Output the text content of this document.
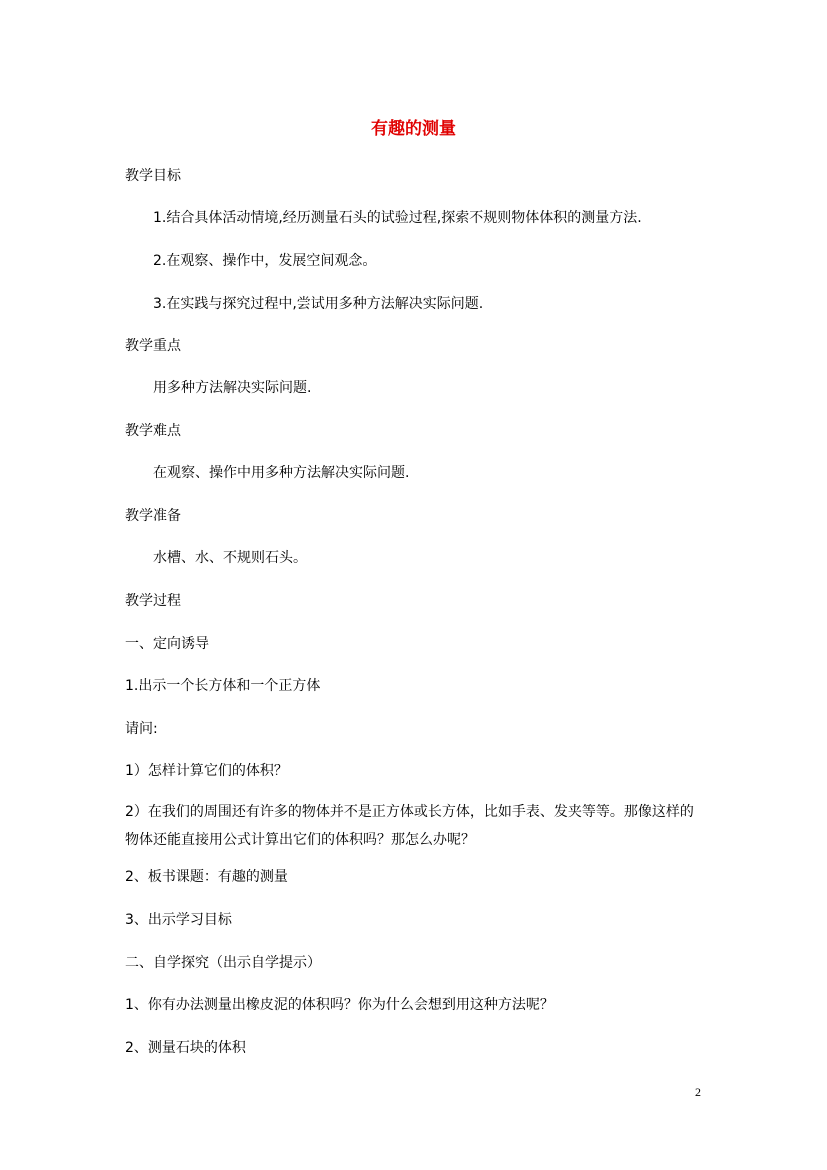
有趣的测量
教学目标
1.结合具体活动情境,经历测量石头的试验过程,探索不规则物体体积的测量方法.
2.在观察、操作中，发展空间观念。
3.在实践与探究过程中,尝试用多种方法解决实际问题.
教学重点
用多种方法解决实际问题.
教学难点
在观察、操作中用多种方法解决实际问题.
教学准备
水槽、水、不规则石头。
教学过程
一、定向诱导
1.出示一个长方体和一个正方体
请问:
1）怎样计算它们的体积？
2）在我们的周围还有许多的物体并不是正方体或长方体，比如手表、发夹等等。那像这样的物体还能直接用公式计算出它们的体积吗？那怎么办呢？
2、板书课题：有趣的测量
3、出示学习目标
二、自学探究（出示自学提示）
1、你有办法测量出橡皮泥的体积吗？你为什么会想到用这种方法呢？
2、测量石块的体积
2
